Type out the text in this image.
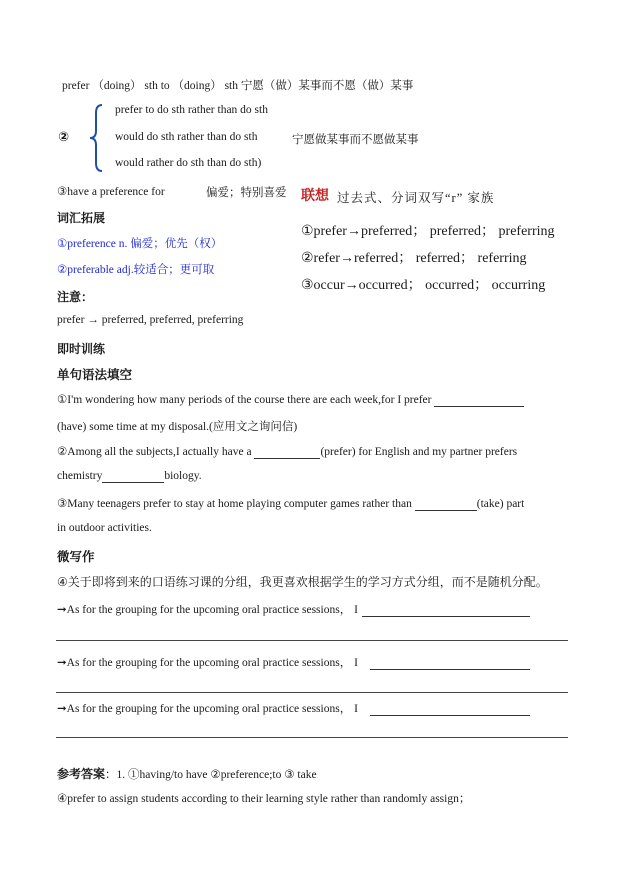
prefer （doing） sth to （doing） sth 宁愿（做）某事而不愿（做）某事
②
prefer to do sth rather than do sth
would do sth rather than do sth	宁愿做某事而不愿做某事
would rather do sth than do sth)
③have a preference for	偏爱；特别喜爱 联想 过去式、分词双写“r” 家族
①prefer→preferred； preferred； preferring
②refer→referred； referred； referring
③occur→occurred； occurred； occurring
词汇拓展
①preference n. 偏爱；优先（权）
②preferable adj.较适合；更可取
注意：
prefer → preferred, preferred, preferring
即时训练
单句语法填空
①I'm wondering how many periods of the course there are each week,for I prefer
(have) some time at my disposal.(应用文之询问信)
②Among all the subjects,I actually have a	(prefer) for English and my partner prefers
chemistry	biology.
③Many teenagers prefer to stay at home playing computer games rather than	(take) part
in outdoor activities.
微写作
④关于即将到来的口语练习课的分组，我更喜欢根据学生的学习方式分组，而不是随机分配。
➞As for the grouping for the upcoming oral practice sessions， I
➞As for the grouping for the upcoming oral practice sessions， I
➞As for the grouping for the upcoming oral practice sessions， I
参考答案：1. ①having/to have ②preference;to ③ take
④prefer to assign students according to their learning style rather than randomly assign；
